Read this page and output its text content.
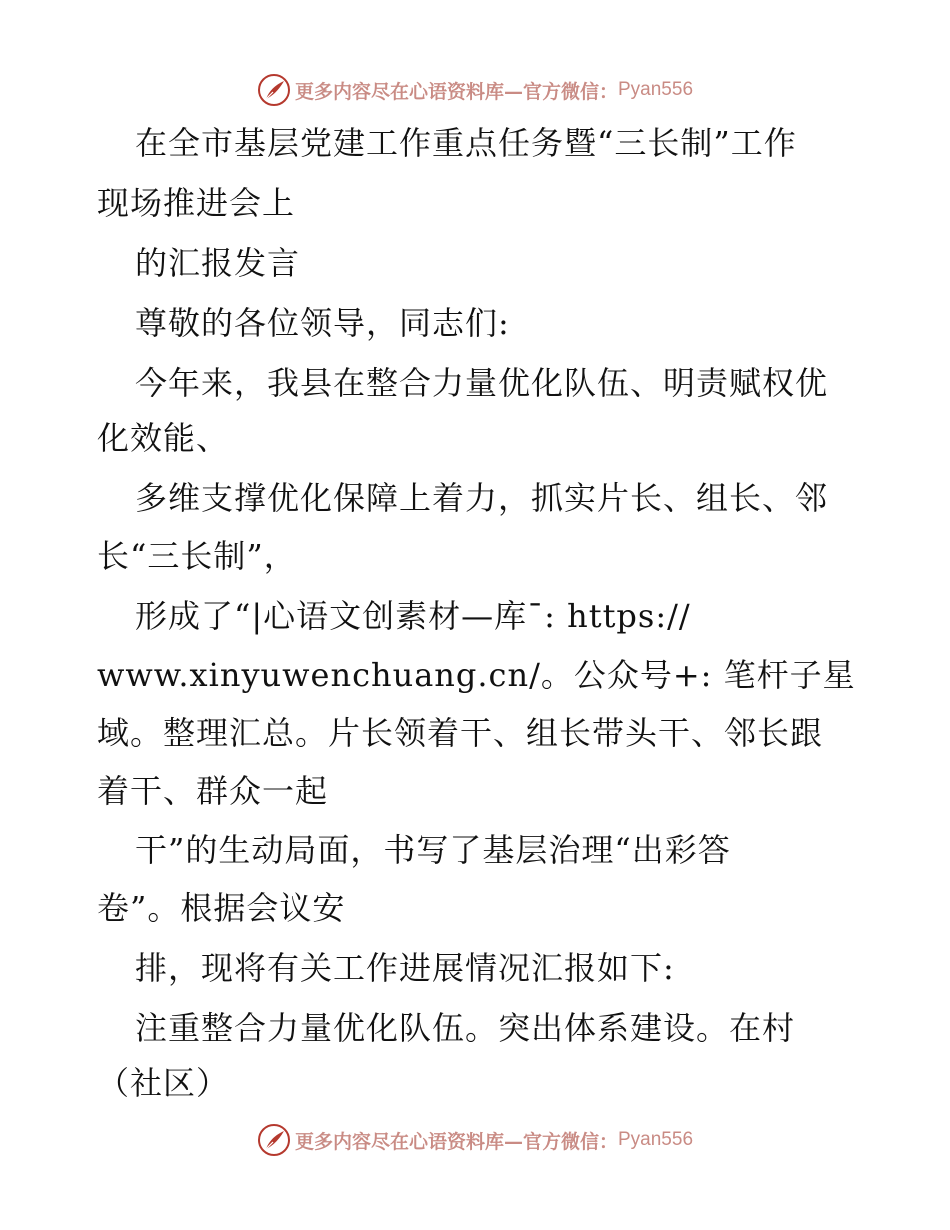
更多内容尽在心语资料库—官方微信： Pyan556
在全市基层党建工作重点任务暨“三长制”工作
现场推进会上
的汇报发言
尊敬的各位领导，同志们:
今年来，我县在整合力量优化队伍、明责赋权优
化效能、
多维支撑优化保障上着力，抓实片长、组长、邻
长“三长制”，
形成了“|心语文创素材—库¯: https://
www.xinyuwenchuang.cn/。公众号+: 笔杆子星
域。整理汇总。片长领着干、组长带头干、邻长跟
着干、群众一起
干”的生动局面，书写了基层治理“出彩答
卷”。根据会议安
排，现将有关工作进展情况汇报如下:
注重整合力量优化队伍。突出体系建设。在村
（社区）
更多内容尽在心语资料库—官方微信： Pyan556
